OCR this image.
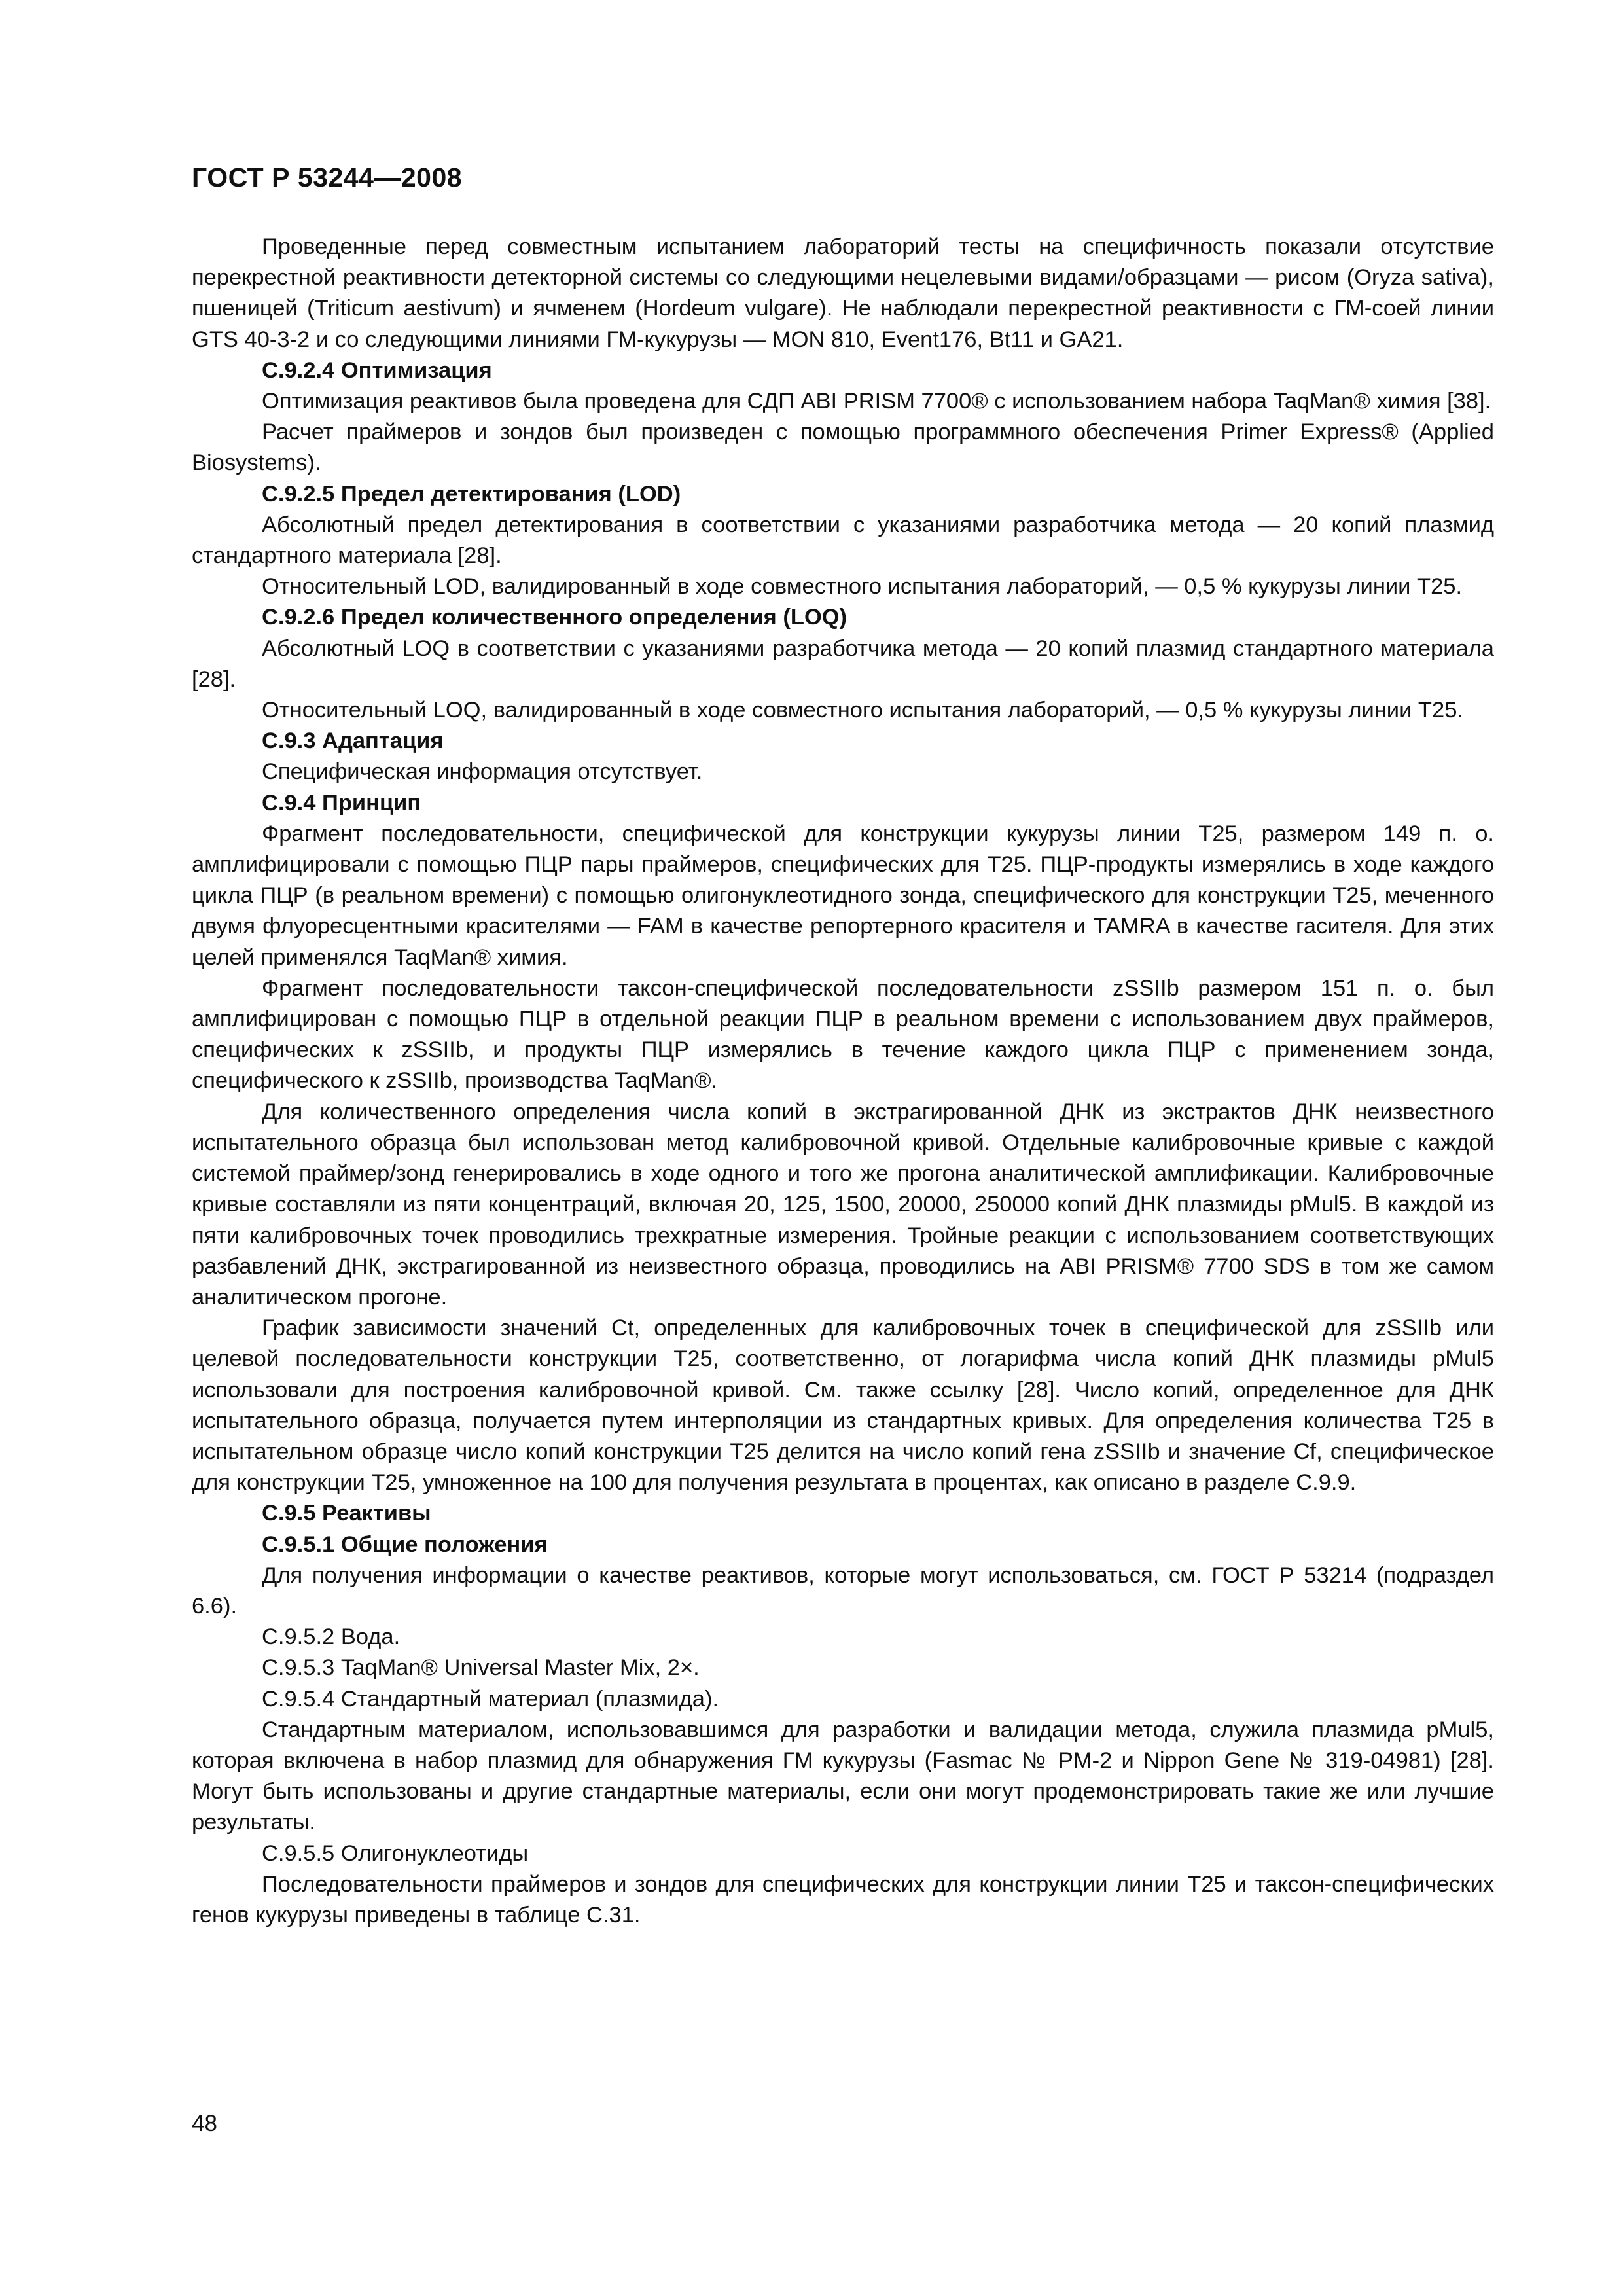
ГОСТ Р 53244—2008

Проведенные перед совместным испытанием лабораторий тесты на специфичность показали отсутствие перекрестной реактивности детекторной системы со следующими нецелевыми видами/образцами — рисом (Oryza sativa), пшеницей (Triticum aestivum) и ячменем (Hordeum vulgare). Не наблюдали перекрестной реактивности с ГМ-соей линии GTS 40-3-2 и со следующими линиями ГМ-кукурузы — MON 810, Event176, Bt11 и GA21.

С.9.2.4 Оптимизация

Оптимизация реактивов была проведена для СДП ABI PRISM 7700® с использованием набора TaqMan® химия [38].

Расчет праймеров и зондов был произведен с помощью программного обеспечения Primer Express® (Applied Biosystems).

С.9.2.5 Предел детектирования (LOD)

Абсолютный предел детектирования в соответствии с указаниями разработчика метода — 20 копий плазмид стандартного материала [28].

Относительный LOD, валидированный в ходе совместного испытания лабораторий, — 0,5 % кукурузы линии Т25.

С.9.2.6 Предел количественного определения (LOQ)

Абсолютный LOQ в соответствии с указаниями разработчика метода — 20 копий плазмид стандартного материала [28].

Относительный LOQ, валидированный в ходе совместного испытания лабораторий, — 0,5 % кукурузы линии Т25.

С.9.3 Адаптация

Специфическая информация отсутствует.

С.9.4 Принцип

Фрагмент последовательности, специфической для конструкции кукурузы линии Т25, размером 149 п. о. амплифицировали с помощью ПЦР пары праймеров, специфических для Т25. ПЦР-продукты измерялись в ходе каждого цикла ПЦР (в реальном времени) с помощью олигонуклеотидного зонда, специфического для конструкции Т25, меченного двумя флуоресцентными красителями — FAM в качестве репортерного красителя и TAMRA в качестве гасителя. Для этих целей применялся TaqMan® химия.

Фрагмент последовательности таксон-специфической последовательности zSSIIb размером 151 п. о. был амплифицирован с помощью ПЦР в отдельной реакции ПЦР в реальном времени с использованием двух праймеров, специфических к zSSIIb, и продукты ПЦР измерялись в течение каждого цикла ПЦР с применением зонда, специфического к zSSIIb, производства TaqMan®.

Для количественного определения числа копий в экстрагированной ДНК из экстрактов ДНК неизвестного испытательного образца был использован метод калибровочной кривой. Отдельные калибровочные кривые с каждой системой праймер/зонд генерировались в ходе одного и того же прогона аналитической амплификации. Калибровочные кривые составляли из пяти концентраций, включая 20, 125, 1500, 20000, 250000 копий ДНК плазмиды pMul5. В каждой из пяти калибровочных точек проводились трехкратные измерения. Тройные реакции с использованием соответствующих разбавлений ДНК, экстрагированной из неизвестного образца, проводились на ABI PRISM® 7700 SDS в том же самом аналитическом прогоне.

График зависимости значений Ct, определенных для калибровочных точек в специфической для zSSIIb или целевой последовательности конструкции Т25, соответственно, от логарифма числа копий ДНК плазмиды pMul5 использовали для построения калибровочной кривой. См. также ссылку [28]. Число копий, определенное для ДНК испытательного образца, получается путем интерполяции из стандартных кривых. Для определения количества Т25 в испытательном образце число копий конструкции Т25 делится на число копий гена zSSIIb и значение Cf, специфическое для конструкции Т25, умноженное на 100 для получения результата в процентах, как описано в разделе С.9.9.

С.9.5 Реактивы

С.9.5.1 Общие положения

Для получения информации о качестве реактивов, которые могут использоваться, см. ГОСТ Р 53214 (подраздел 6.6).

С.9.5.2 Вода.

С.9.5.3 TaqMan® Universal Master Mix, 2×.

С.9.5.4 Стандартный материал (плазмида).

Стандартным материалом, использовавшимся для разработки и валидации метода, служила плазмида pMul5, которая включена в набор плазмид для обнаружения ГМ кукурузы (Fasmac № PM-2 и Nippon Gene № 319-04981) [28]. Могут быть использованы и другие стандартные материалы, если они могут продемонстрировать такие же или лучшие результаты.

С.9.5.5 Олигонуклеотиды

Последовательности праймеров и зондов для специфических для конструкции линии Т25 и таксон-специфических генов кукурузы приведены в таблице С.31.

48
